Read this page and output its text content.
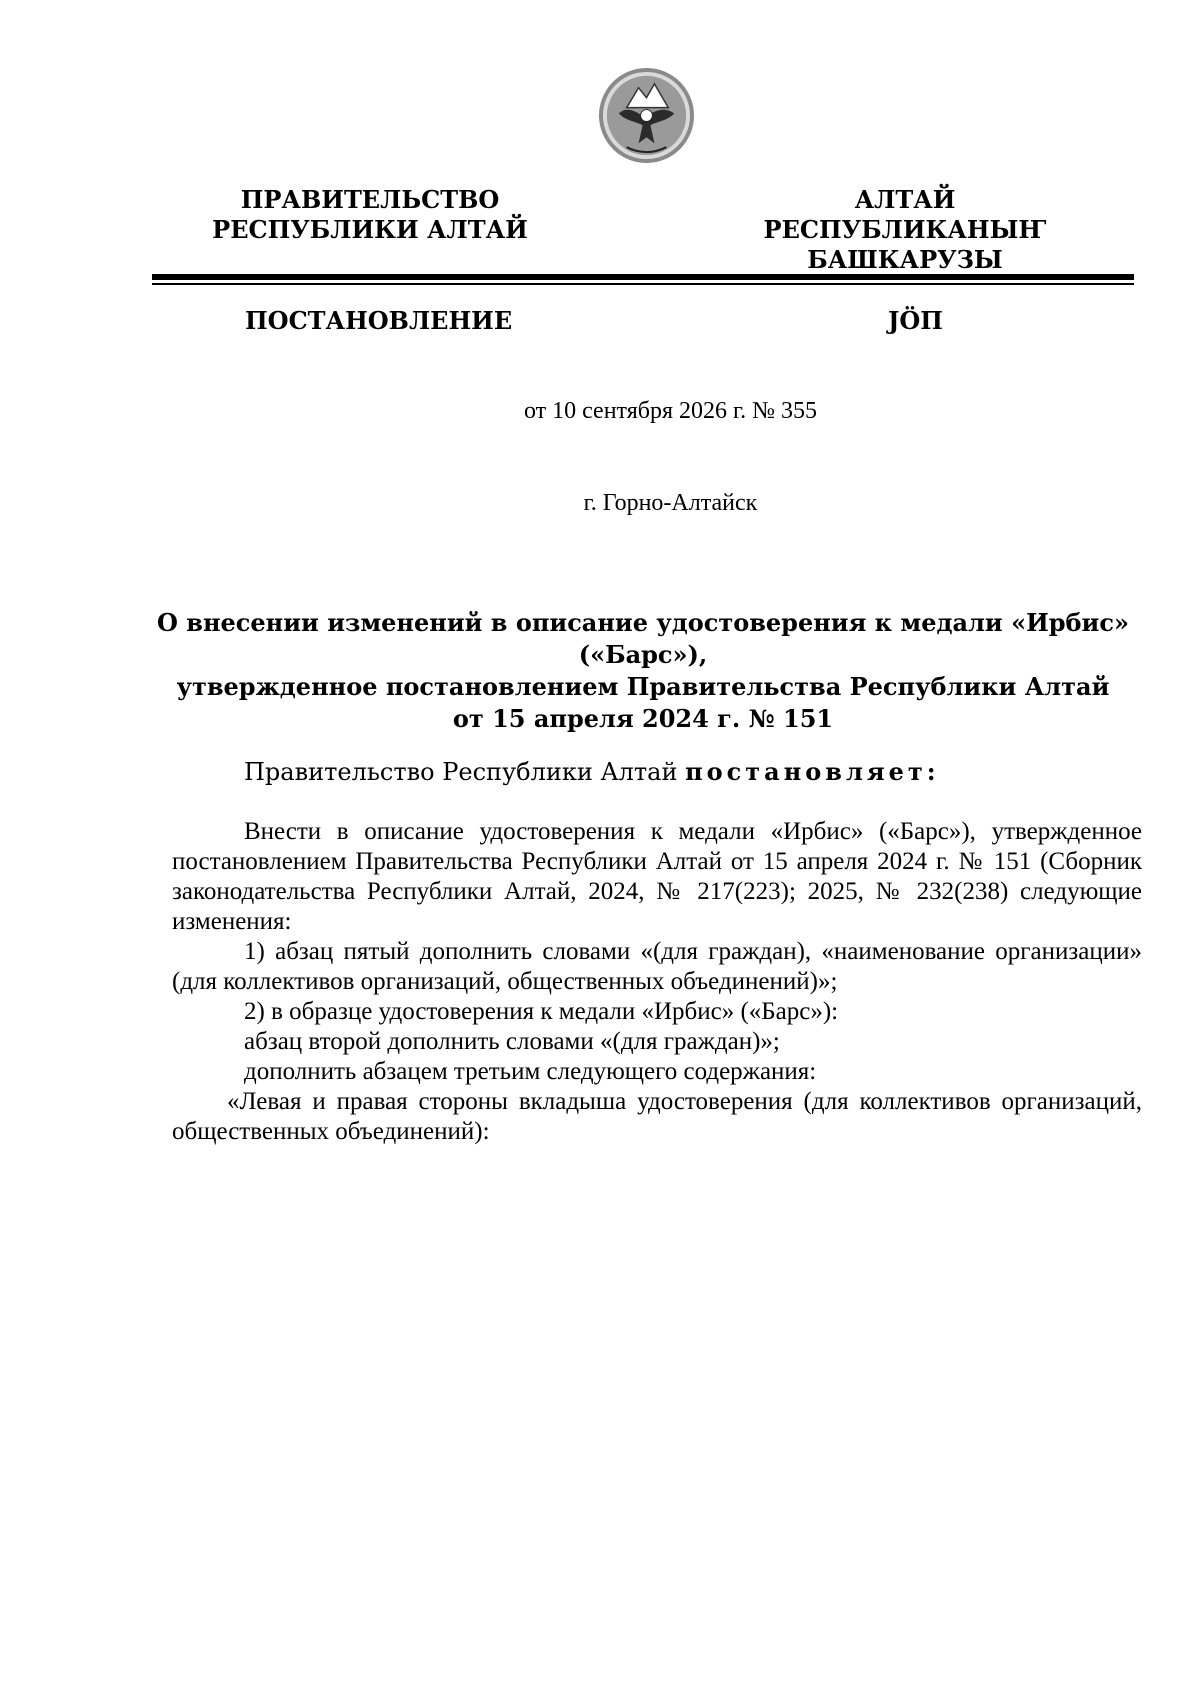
ПРАВИТЕЛЬСТВО
РЕСПУБЛИКИ АЛТАЙ
АЛТАЙ РЕСПУБЛИКАНЫҤ
БАШКАРУЗЫ
ПОСТАНОВЛЕНИЕ	JÖП
от 10 сентября 2026 г. № 355
г. Горно-Алтайск
О внесении изменений в описание удостоверения к медали «Ирбис» («Барс»),
утвержденное постановлением Правительства Республики Алтай
от 15 апреля 2024 г. № 151
Правительство Республики Алтай постановляет:

Внести в описание удостоверения к медали «Ирбис» («Барс»), утвержденное постановлением Правительства Республики Алтай от 15 апреля 2024 г. № 151 (Сборник законодательства Республики Алтай, 2024, № 217(223); 2025, № 232(238) следующие изменения:

1) абзац пятый дополнить словами «(для граждан), «наименование организации» (для коллективов организаций, общественных объединений)»;

2) в образце удостоверения к медали «Ирбис» («Барс»):

абзац второй дополнить словами «(для граждан)»;

дополнить абзацем третьим следующего содержания:

«Левая и правая стороны вкладыша удостоверения (для коллективов организаций, общественных объединений):
